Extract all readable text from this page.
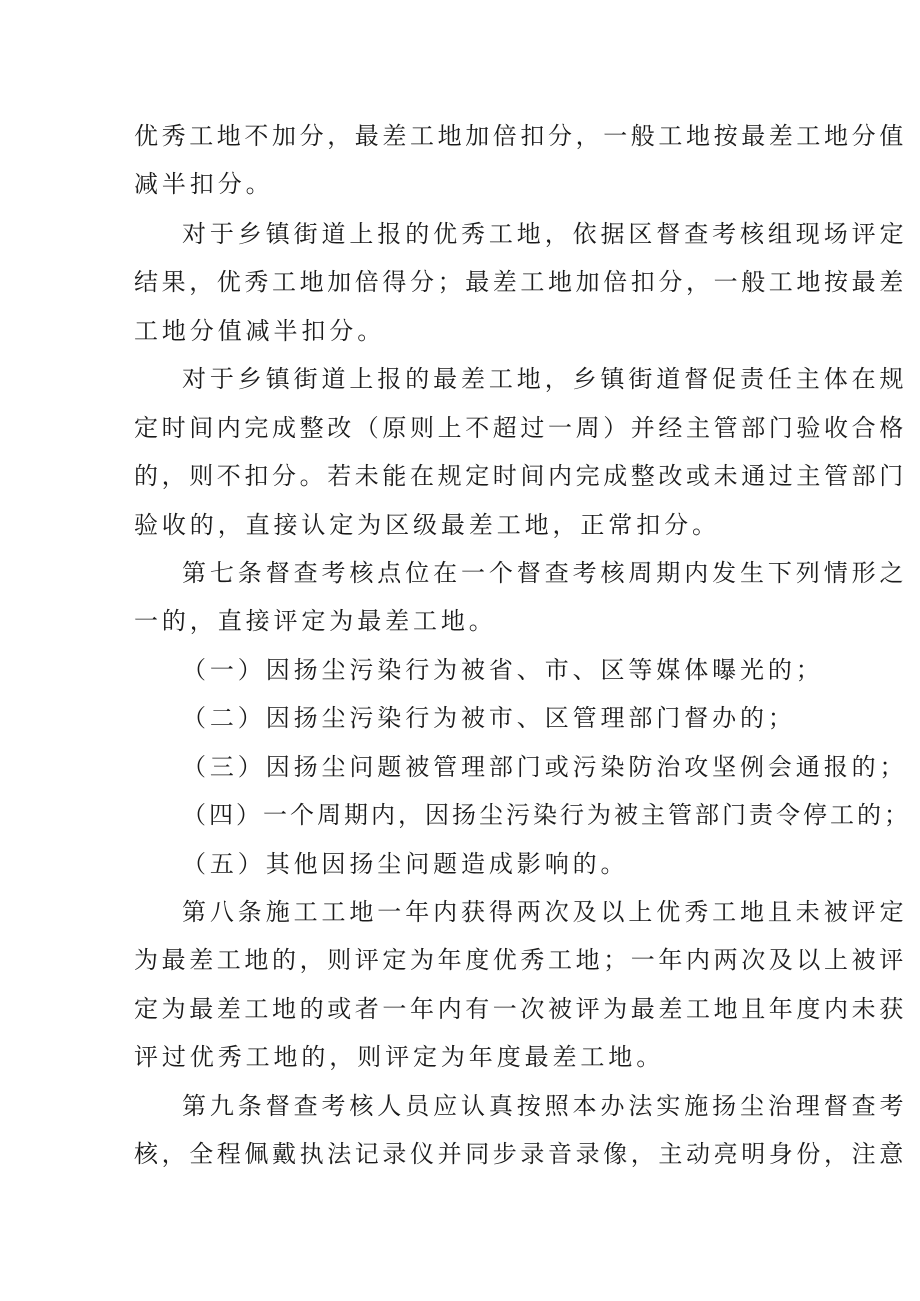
优秀工地不加分，最差工地加倍扣分，一般工地按最差工地分值
减半扣分。
对于乡镇街道上报的优秀工地，依据区督查考核组现场评定
结果，优秀工地加倍得分；最差工地加倍扣分，一般工地按最差
工地分值减半扣分。
对于乡镇街道上报的最差工地，乡镇街道督促责任主体在规
定时间内完成整改（原则上不超过一周）并经主管部门验收合格
的，则不扣分。若未能在规定时间内完成整改或未通过主管部门
验收的，直接认定为区级最差工地，正常扣分。
第七条督查考核点位在一个督查考核周期内发生下列情形之
一的，直接评定为最差工地。
（一）因扬尘污染行为被省、市、区等媒体曝光的；
（二）因扬尘污染行为被市、区管理部门督办的；
（三）因扬尘问题被管理部门或污染防治攻坚例会通报的；
（四）一个周期内，因扬尘污染行为被主管部门责令停工的；
（五）其他因扬尘问题造成影响的。
第八条施工工地一年内获得两次及以上优秀工地且未被评定
为最差工地的，则评定为年度优秀工地；一年内两次及以上被评
定为最差工地的或者一年内有一次被评为最差工地且年度内未获
评过优秀工地的，则评定为年度最差工地。
第九条督查考核人员应认真按照本办法实施扬尘治理督查考
核，全程佩戴执法记录仪并同步录音录像，主动亮明身份，注意
